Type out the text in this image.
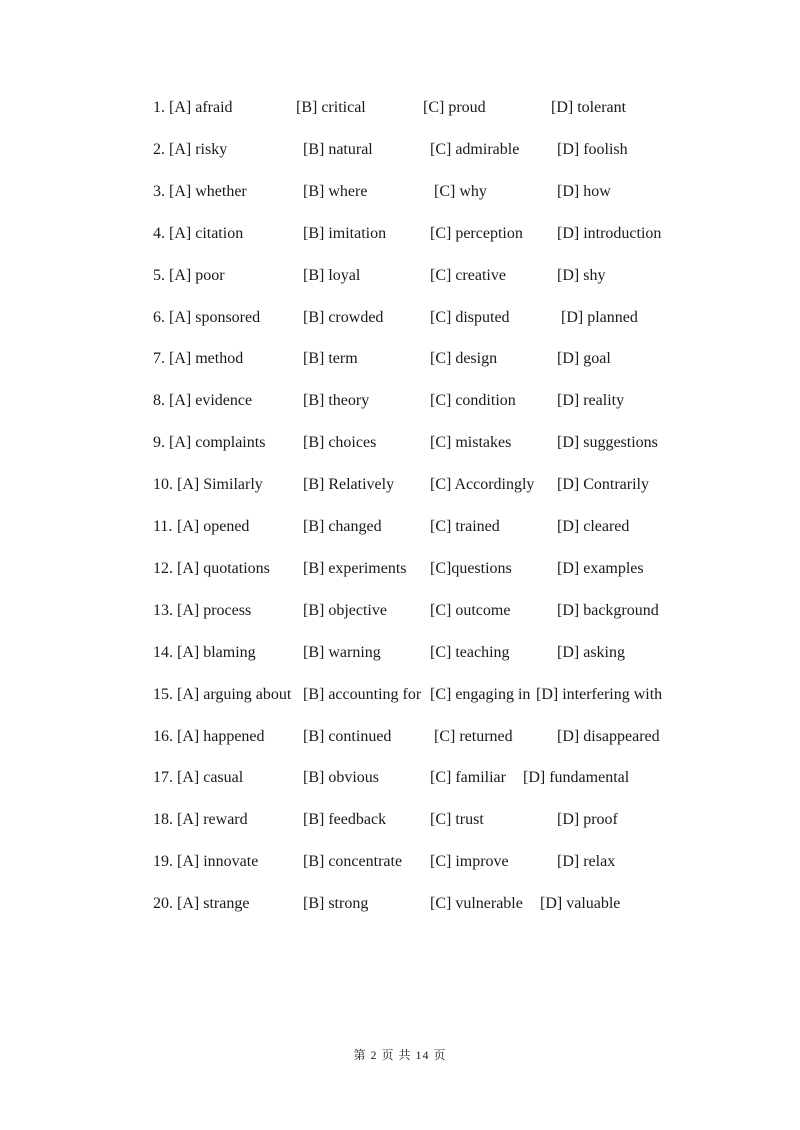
1. [A] afraid	[B] critical	[C] proud	[D] tolerant
2. [A] risky	[B] natural	[C] admirable [D] foolish
3. [A] whether	[B] where	[C] why	[D] how
4. [A] citation	[B] imitation	[C] perception [D] introduction
5. [A] poor	[B] loyal	[C] creative	[D] shy
6. [A] sponsored	[B] crowded	[C] disputed	[D] planned
7. [A] method	[B] term	[C] design	[D] goal
8. [A] evidence	[B] theory	[C] condition	[D] reality
9. [A] complaints [B] choices	[C] mistakes	[D] suggestions
10. [A] Similarly	[B] Relatively [C] Accordingly [D] Contrarily
11. [A] opened	[B] changed	[C] trained	[D] cleared
12. [A] quotations [B] experiments [C]questions	[D] examples
13. [A] process	[B] objective	[C] outcome	[D] background
14. [A] blaming	[B] warning	[C] teaching	[D] asking
15. [A] arguing about [B] accounting for [C] engaging in [D] interfering with
16. [A] happened [B] continued	[C] returned	[D] disappeared
17. [A] casual	[B] obvious	[C] familiar [D] fundamental
18. [A] reward	[B] feedback	[C] trust	[D] proof
19. [A] innovate	[B] concentrate [C] improve	[D] relax
20. [A] strange	[B] strong	[C] vulnerable [D] valuable
第 2 页 共 14 页
